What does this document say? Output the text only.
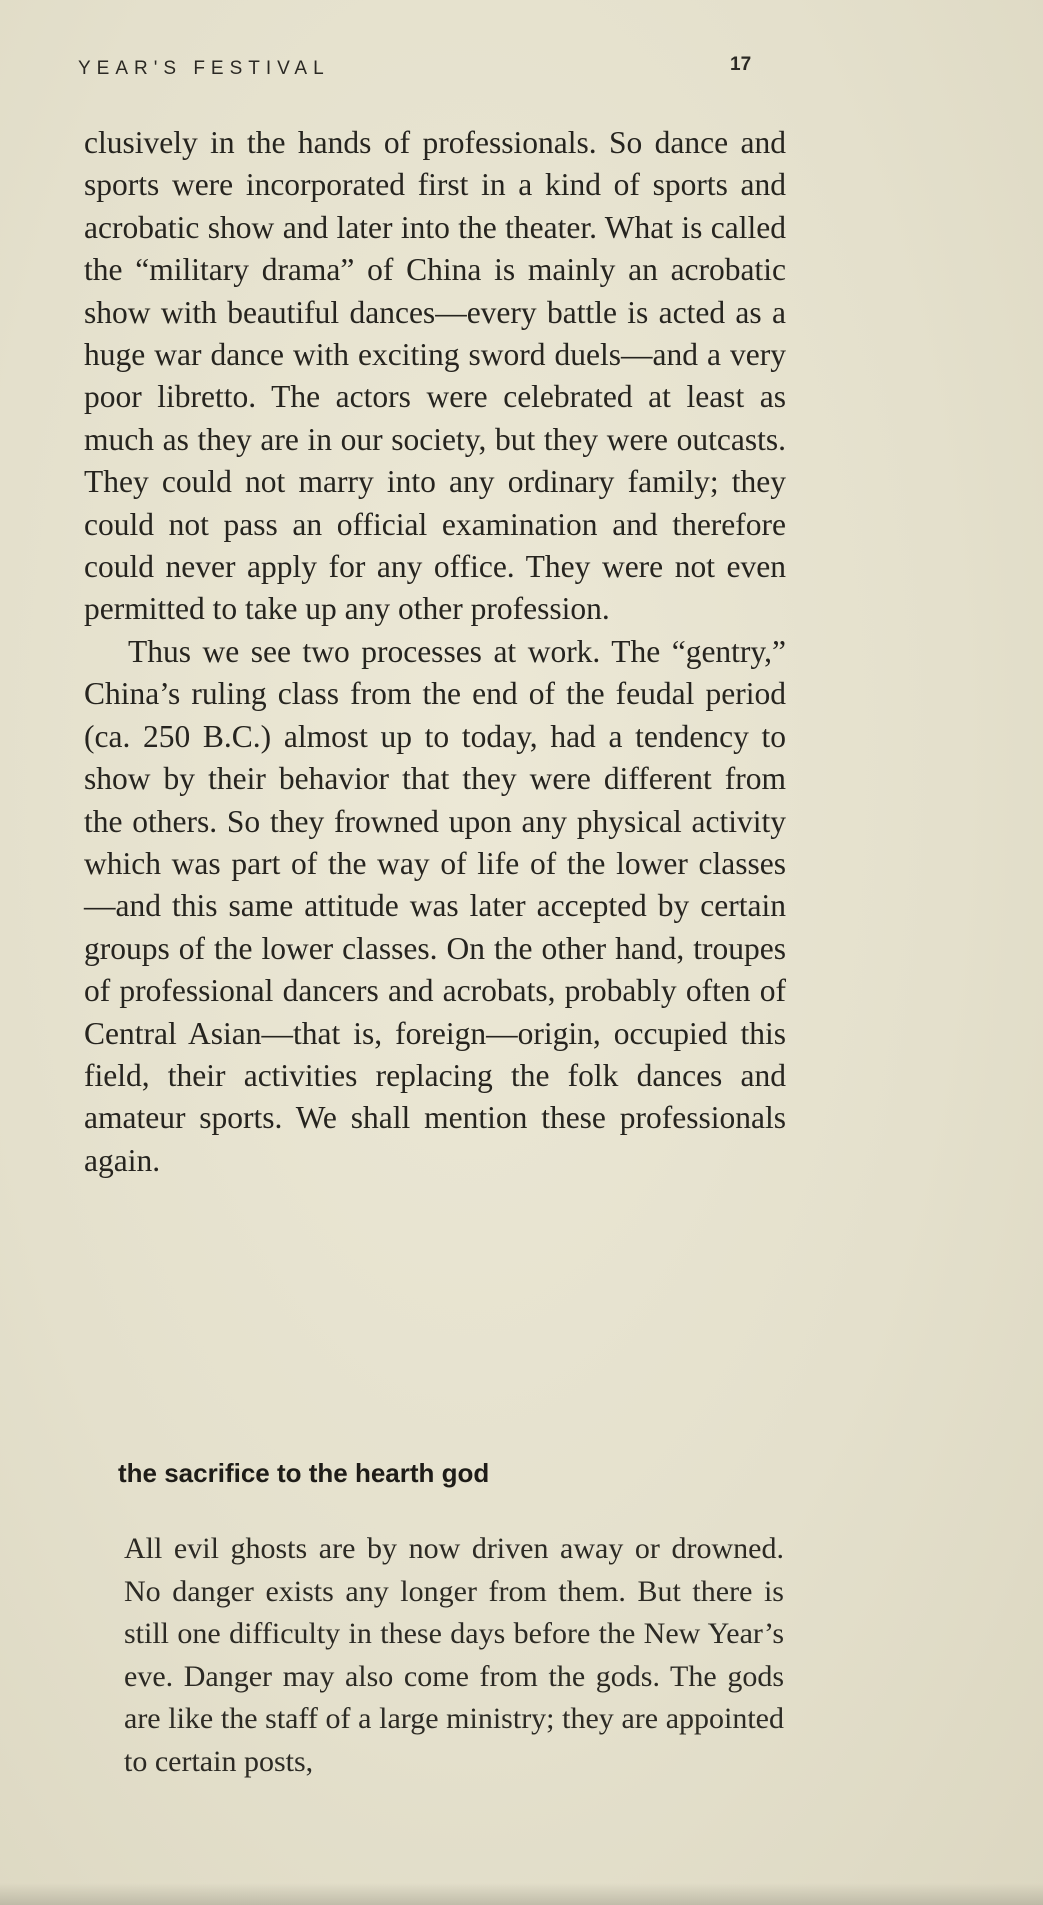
YEAR'S FESTIVAL	17

clusively in the hands of professionals. So dance and sports were incorporated first in a kind of sports and acrobatic show and later into the theater. What is called the “military drama” of China is mainly an acrobatic show with beautiful dances—every battle is acted as a huge war dance with exciting sword duels—and a very poor libretto. The actors were celebrated at least as much as they are in our society, but they were outcasts. They could not marry into any ordinary family; they could not pass an official examination and therefore could never apply for any office. They were not even permitted to take up any other profession.

Thus we see two processes at work. The “gentry,” China’s ruling class from the end of the feudal period (ca. 250 B.C.) almost up to today, had a tendency to show by their behavior that they were different from the others. So they frowned upon any physical activity which was part of the way of life of the lower classes—and this same attitude was later accepted by certain groups of the lower classes. On the other hand, troupes of professional dancers and acrobats, probably often of Central Asian—that is, foreign—origin, occupied this field, their activities replacing the folk dances and amateur sports. We shall mention these professionals again.

the sacrifice to the hearth god

All evil ghosts are by now driven away or drowned. No danger exists any longer from them. But there is still one difficulty in these days before the New Year’s eve. Danger may also come from the gods. The gods are like the staff of a large ministry; they are appointed to certain posts,
